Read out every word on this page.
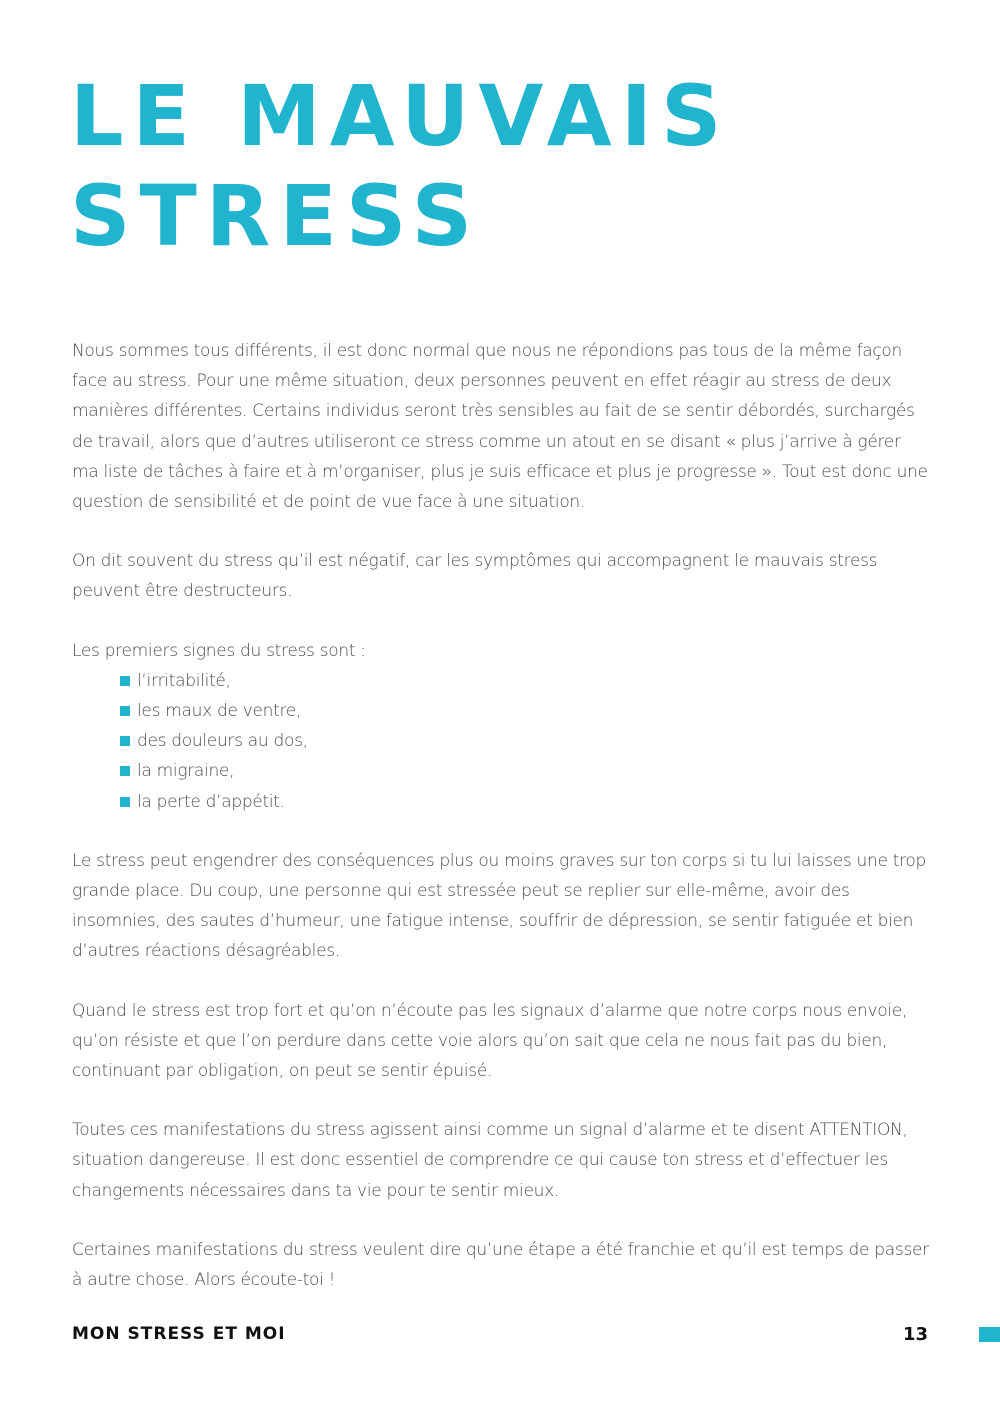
LE MAUVAIS
STRESS

Nous sommes tous différents, il est donc normal que nous ne répondions pas tous de la même façon face au stress. Pour une même situation, deux personnes peuvent en effet réagir au stress de deux manières différentes. Certains individus seront très sensibles au fait de se sentir débordés, surchargés de travail, alors que d’autres utiliseront ce stress comme un atout en se disant « plus j’arrive à gérer ma liste de tâches à faire et à m’organiser, plus je suis efficace et plus je progresse ». Tout est donc une question de sensibilité et de point de vue face à une situation.

On dit souvent du stress qu’il est négatif, car les symptômes qui accompagnent le mauvais stress peuvent être destructeurs.

Les premiers signes du stress sont :

l’irritabilité,
les maux de ventre,
des douleurs au dos,
la migraine,
la perte d’appétit.

Le stress peut engendrer des conséquences plus ou moins graves sur ton corps si tu lui laisses une trop grande place. Du coup, une personne qui est stressée peut se replier sur elle-même, avoir des insomnies, des sautes d’humeur, une fatigue intense, souffrir de dépression, se sentir fatiguée et bien d’autres réactions désagréables.

Quand le stress est trop fort et qu’on n’écoute pas les signaux d’alarme que notre corps nous envoie, qu’on résiste et que l’on perdure dans cette voie alors qu’on sait que cela ne nous fait pas du bien, continuant par obligation, on peut se sentir épuisé.

Toutes ces manifestations du stress agissent ainsi comme un signal d’alarme et te disent ATTENTION, situation dangereuse. Il est donc essentiel de comprendre ce qui cause ton stress et d’effectuer les changements nécessaires dans ta vie pour te sentir mieux.

Certaines manifestations du stress veulent dire qu’une étape a été franchie et qu’il est temps de passer à autre chose. Alors écoute-toi !

MON STRESS ET MOI	13
